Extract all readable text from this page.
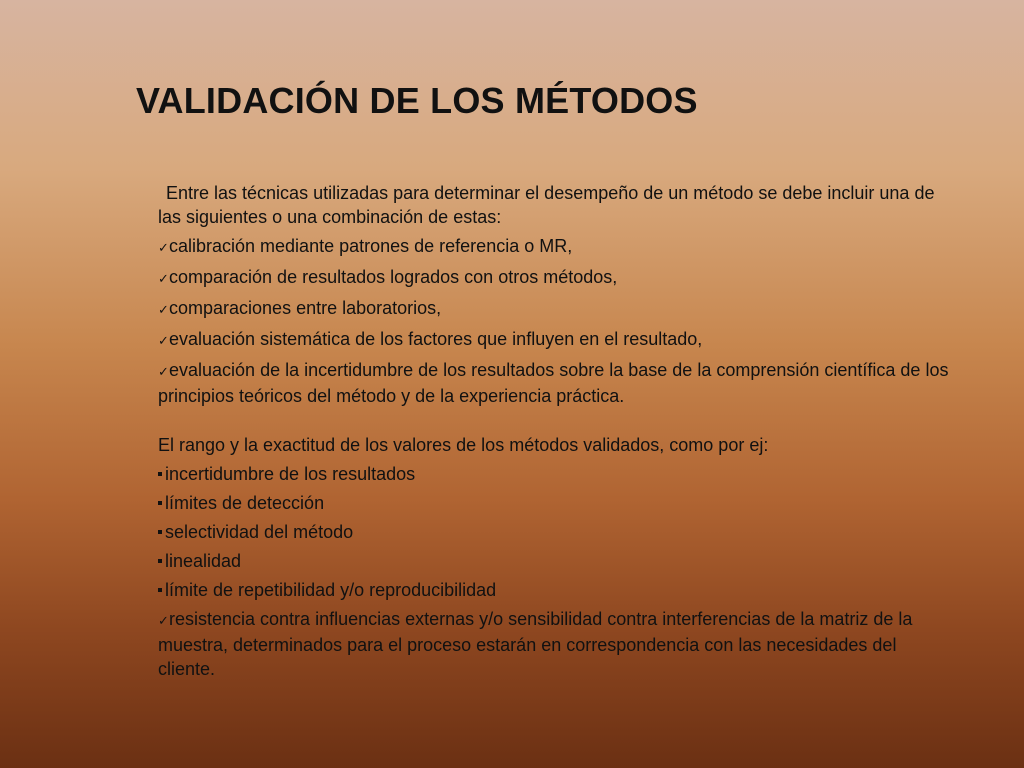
VALIDACIÓN DE LOS MÉTODOS

Entre las técnicas utilizadas para determinar el desempeño de un método se debe incluir una de las siguientes o una combinación de estas:

✓calibración mediante patrones de referencia o MR,
✓comparación de resultados logrados con otros métodos,
✓comparaciones entre laboratorios,
✓evaluación sistemática de los factores que influyen en el resultado,
✓evaluación de la incertidumbre de los resultados sobre la base de la comprensión científica de los principios teóricos del método y de la experiencia práctica.

El rango y la exactitud de los valores de los métodos validados, como por ej:

incertidumbre de los resultados
límites de detección
selectividad del método
linealidad
límite de repetibilidad y/o reproducibilidad
✓resistencia contra influencias externas y/o sensibilidad contra interferencias de la matriz de la muestra, determinados para el proceso estarán en correspondencia con las necesidades del cliente.
